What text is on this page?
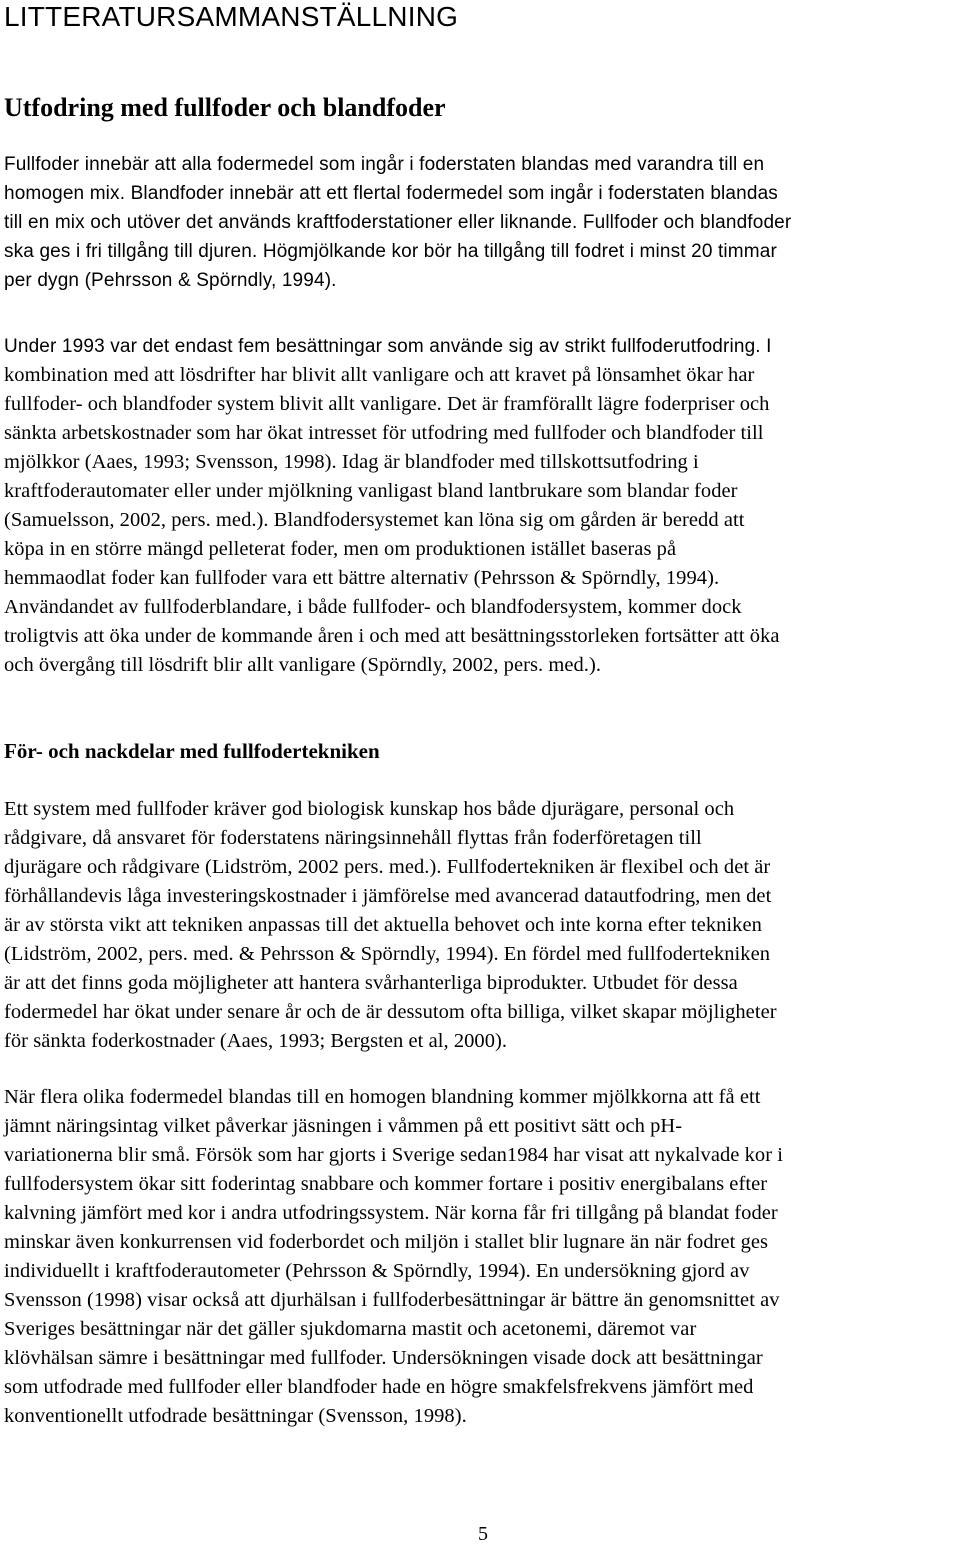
LITTERATURSAMMANSTÄLLNING
Utfodring med fullfoder och blandfoder
Fullfoder innebär att alla fodermedel som ingår i foderstaten blandas med varandra till en
homogen mix. Blandfoder innebär att ett flertal fodermedel som ingår i foderstaten blandas
till en mix och utöver det används kraftfoderstationer eller liknande. Fullfoder och blandfoder
ska ges i fri tillgång till djuren. Högmjölkande kor bör ha tillgång till fodret i minst 20 timmar
per dygn (Pehrsson & Spörndly, 1994).
Under 1993 var det endast fem besättningar som använde sig av strikt fullfoderutfodring. I
kombination med att lösdrifter har blivit allt vanligare och att kravet på lönsamhet ökar har
fullfoder- och blandfoder system blivit allt vanligare. Det är framförallt lägre foderpriser och
sänkta arbetskostnader som har ökat intresset för utfodring med fullfoder och blandfoder till
mjölkkor (Aaes, 1993; Svensson, 1998). Idag är blandfoder med tillskottsutfodring i
kraftfoderautomater eller under mjölkning vanligast bland lantbrukare som blandar foder
(Samuelsson, 2002, pers. med.). Blandfodersystemet kan löna sig om gården är beredd att
köpa in en större mängd pelleterat foder, men om produktionen istället baseras på
hemmaodlat foder kan fullfoder vara ett bättre alternativ (Pehrsson & Spörndly, 1994).
Användandet av fullfoderblandare, i både fullfoder- och blandfodersystem, kommer dock
troligtvis att öka under de kommande åren i och med att besättningsstorleken fortsätter att öka
och övergång till lösdrift blir allt vanligare (Spörndly, 2002, pers. med.).
För- och nackdelar med fullfodertekniken
Ett system med fullfoder kräver god biologisk kunskap hos både djurägare, personal och
rådgivare, då ansvaret för foderstatens näringsinnehåll flyttas från foderföretagen till
djurägare och rådgivare (Lidström, 2002 pers. med.). Fullfodertekniken är flexibel och det är
förhållandevis låga investeringskostnader i jämförelse med avancerad datautfodring, men det
är av största vikt att tekniken anpassas till det aktuella behovet och inte korna efter tekniken
(Lidström, 2002, pers. med. & Pehrsson & Spörndly, 1994). En fördel med fullfodertekniken
är att det finns goda möjligheter att hantera svårhanterliga biprodukter. Utbudet för dessa
fodermedel har ökat under senare år och de är dessutom ofta billiga, vilket skapar möjligheter
för sänkta foderkostnader (Aaes, 1993; Bergsten et al, 2000).
När flera olika fodermedel blandas till en homogen blandning kommer mjölkkorna att få ett
jämnt näringsintag vilket påverkar jäsningen i våmmen på ett positivt sätt och pH-
variationerna blir små. Försök som har gjorts i Sverige sedan1984 har visat att nykalvade kor i
fullfodersystem ökar sitt foderintag snabbare och kommer fortare i positiv energibalans efter
kalvning jämfört med kor i andra utfodringssystem. När korna får fri tillgång på blandat foder
minskar även konkurrensen vid foderbordet och miljön i stallet blir lugnare än när fodret ges
individuellt i kraftfoderautometer (Pehrsson & Spörndly, 1994). En undersökning gjord av
Svensson (1998) visar också att djurhälsan i fullfoderbesättningar är bättre än genomsnittet av
Sveriges besättningar när det gäller sjukdomarna mastit och acetonemi, däremot var
klövhälsan sämre i besättningar med fullfoder. Undersökningen visade dock att besättningar
som utfodrade med fullfoder eller blandfoder hade en högre smakfelsfrekvens jämfört med
konventionellt utfodrade besättningar (Svensson, 1998).

5
